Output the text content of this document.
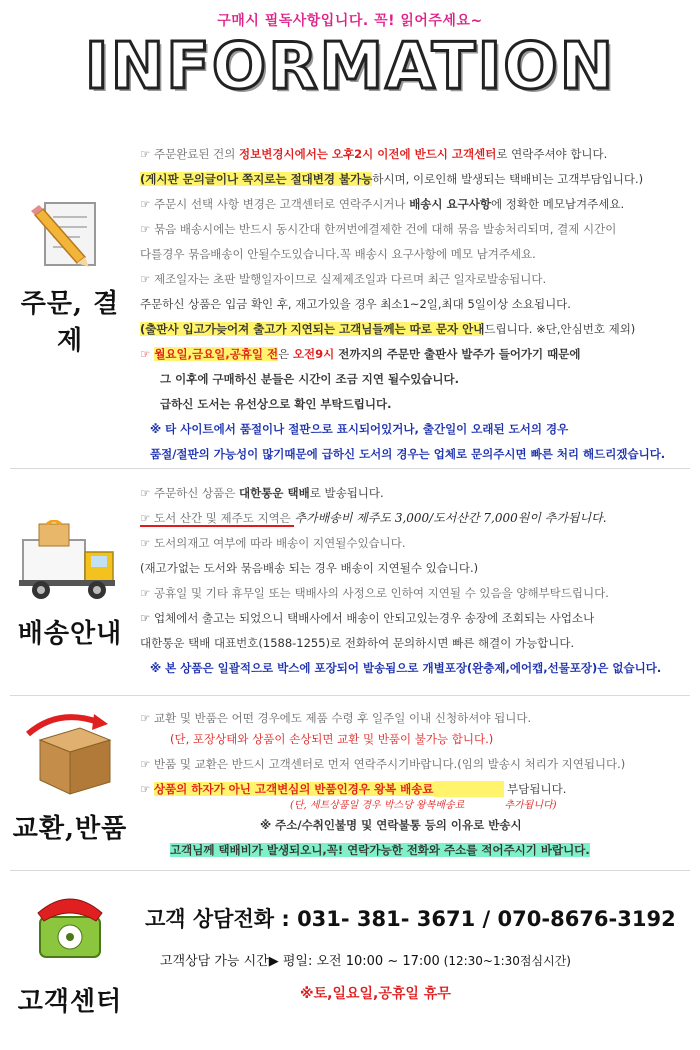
구매시 필독사항입니다. 꼭! 읽어주세요~
INFORMATION
주문, 결제
☞ 주문완료된 건의 정보변경시에서는 오후2시 이전에 반드시 고객센터로 연락주셔야 합니다.
(게시판 문의글이나 쪽지로는 절대변경 불가능하시며, 이로인해 발생되는 택배비는 고객부담입니다.)
☞ 주문시 선택 사항 변경은 고객센터로 연락주시거나 배송시 요구사항에 정확한 메모남겨주세요.
☞ 묶음 배송시에는 반드시 동시간대 한꺼번에결제한 건에 대해 묶음 발송처리되며, 결제 시간이
다를경우 묶음배송이 안될수도있습니다.꼭 배송시 요구사항에 메모 남겨주세요.
☞ 제조일자는 초판 발행일자이므로 실제제조일과 다르며 최근 일자로발송됩니다.
주문하신 상품은 입금 확인 후, 재고가있을 경우 최소1~2일,최대 5일이상 소요됩니다.
(출판사 입고가늦어져 출고가 지연되는 고객님들께는 따로 문자 안내드립니다. ※단,안심번호 제외)
☞ 월요일,금요일,공휴일 전은 오전9시 전까지의 주문만 출판사 발주가 들어가기 때문에
그 이후에 구매하신 분들은 시간이 조금 지연 될수있습니다.
급하신 도서는 유선상으로 확인 부탁드립니다.
※ 타 사이트에서 품절이나 절판으로 표시되어있거나, 출간일이 오래된 도서의 경우
품절/절판의 가능성이 많기때문에 급하신 도서의 경우는 업체로 문의주시면 빠른 처리 해드리겠습니다.
배송안내
☞ 주문하신 상품은 대한통운 택배로 발송됩니다.
☞ 도서 산간 및 제주도 지역은 추가배송비 제주도 3,000/도서산간 7,000원이 추가됩니다.
☞ 도서의재고 여부에 따라 배송이 지연될수있습니다.
(재고가없는 도서와 묶음배송 되는 경우 배송이 지연될수 있습니다.)
☞ 공휴일 및 기타 휴무일 또는 택배사의 사정으로 인하여 지연될 수 있음을 양해부탁드립니다.
☞ 업체에서 출고는 되었으니 택배사에서 배송이 안되고있는경우 송장에 조회되는 사업소나
대한통운 택배 대표번호(1588-1255)로 전화하여 문의하시면 빠른 해결이 가능합니다.
※ 본 상품은 일괄적으로 박스에 포장되어 발송됨으로 개별포장(완충제,에어캡,선물포장)은 없습니다.
교환,반품
☞ 교환 및 반품은 어떤 경우에도 제품 수령 후 일주일 이내 신청하셔야 됩니다.
(단, 포장상태와 상품이 손상되면 교환 및 반품이 불가능 합니다.)
☞ 반품 및 교환은 반드시 고객센터로 먼저 연락주시기바랍니다.(임의 발송시 처리가 지연됩니다.)
☞ 상품의 하자가 아닌 고객변심의 반품인경우 왕복 배송료	부담됩니다.
(단, 세트상품일 경우 박스당 왕복배송료	추가됩니다)
※ 주소/수취인불명 및 연락불통 등의 이유로 반송시
고객님께 택배비가 발생되오니,꼭! 연락가능한 전화와 주소를 적어주시기 바랍니다.
고객센터
고객 상담전화 : 031- 381- 3671 / 070-8676-3192
고객상담 가능 시간▶ 평일: 오전 10:00 ~ 17:00 (12:30~1:30점심시간)
※토,일요일,공휴일 휴무
